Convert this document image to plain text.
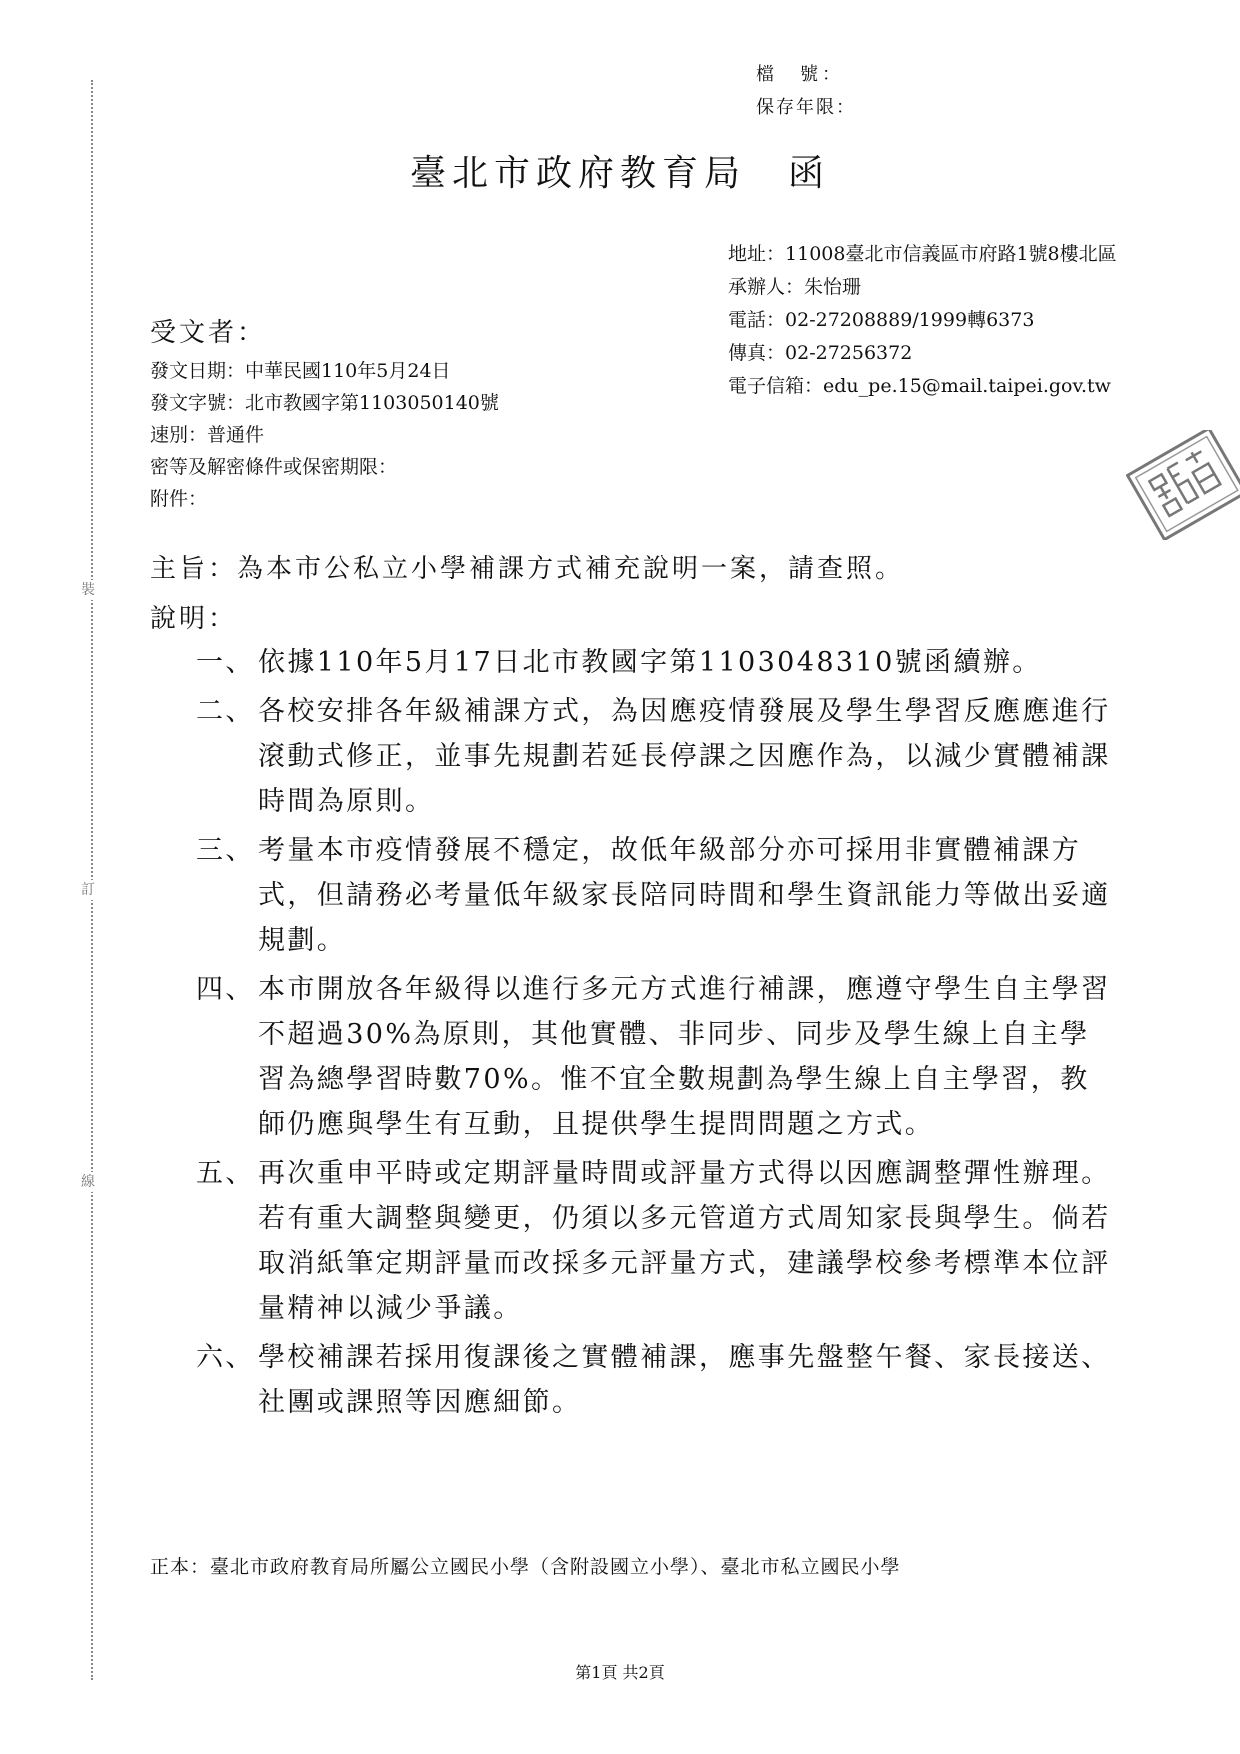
裝
訂
線
檔　號：
保存年限：
臺北市政府教育局　函
地址： 11008臺北市信義區市府路1號8樓北區
承辦人： 朱怡珊
電話： 02-27208889/1999轉6373
傳真： 02-27256372
電子信箱： edu_pe.15@mail.taipei.gov.tw
受文者：
發文日期：中華民國110年5月24日
發文字號：北市教國字第1103050140號
速別：普通件
密等及解密條件或保密期限：
附件：
主旨：為本市公私立小學補課方式補充說明一案，請查照。
說明：
一、 依據110年5月17日北市教國字第1103048310號函續辦。
二、 各校安排各年級補課方式，為因應疫情發展及學生學習反應應進行滾動式修正，並事先規劃若延長停課之因應作為，以減少實體補課時間為原則。
三、 考量本市疫情發展不穩定，故低年級部分亦可採用非實體補課方式，但請務必考量低年級家長陪同時間和學生資訊能力等做出妥適規劃。
四、 本市開放各年級得以進行多元方式進行補課，應遵守學生自主學習不超過30%為原則，其他實體、非同步、同步及學生線上自主學習為總學習時數70%。惟不宜全數規劃為學生線上自主學習，教師仍應與學生有互動，且提供學生提問問題之方式。
五、 再次重申平時或定期評量時間或評量方式得以因應調整彈性辦理。若有重大調整與變更，仍須以多元管道方式周知家長與學生。倘若取消紙筆定期評量而改採多元評量方式，建議學校參考標準本位評量精神以減少爭議。
六、 學校補課若採用復課後之實體補課，應事先盤整午餐、家長接送、社團或課照等因應細節。
正本：臺北市政府教育局所屬公立國民小學（含附設國立小學）、臺北市私立國民小學
第1頁 共2頁
